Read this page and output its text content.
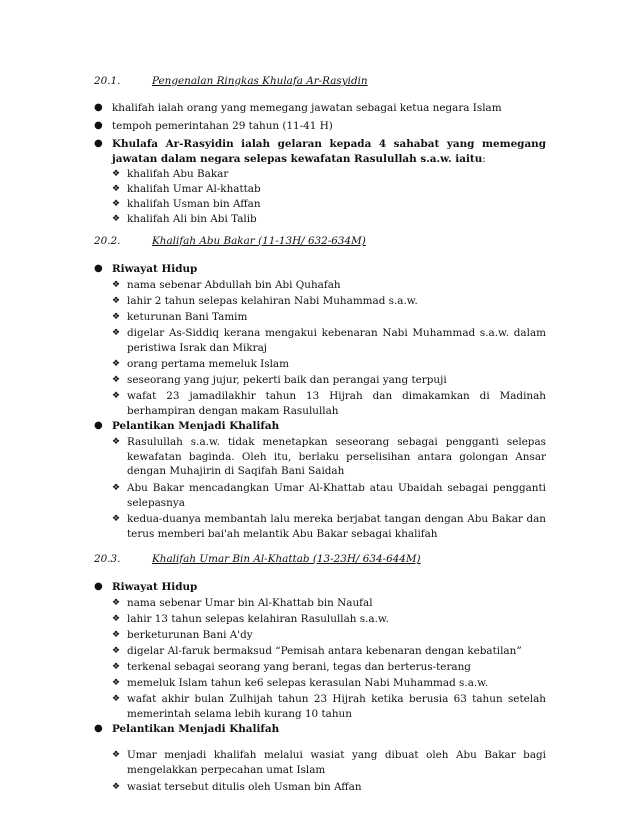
20.1.	Pengenalan Ringkas Khulafa Ar-Rasyidin
● khalifah ialah orang yang memegang jawatan sebagai ketua negara Islam
● tempoh pemerintahan 29 tahun (11-41 H)
● Khulafa Ar-Rasyidin ialah gelaran kepada 4 sahabat yang memegang jawatan dalam negara selepas kewafatan Rasulullah s.a.w. iaitu:
❖ khalifah Abu Bakar
❖ khalifah Umar Al-khattab
❖ khalifah Usman bin Affan
❖ khalifah Ali bin Abi Talib
20.2.	Khalifah Abu Bakar (11-13H/ 632-634M)
● Riwayat Hidup
❖ nama sebenar Abdullah bin Abi Quhafah
❖ lahir 2 tahun selepas kelahiran Nabi Muhammad s.a.w.
❖ keturunan Bani Tamim
❖ digelar As-Siddiq kerana mengakui kebenaran Nabi Muhammad s.a.w. dalam peristiwa Israk dan Mikraj
❖ orang pertama memeluk Islam
❖ seseorang yang jujur, pekerti baik dan perangai yang terpuji
❖ wafat 23 jamadilakhir tahun 13 Hijrah dan dimakamkan di Madinah berhampiran dengan makam Rasulullah
● Pelantikan Menjadi Khalifah
❖ Rasulullah s.a.w. tidak menetapkan seseorang sebagai pengganti selepas kewafatan baginda. Oleh itu, berlaku perselisihan antara golongan Ansar dengan Muhajirin di Saqifah Bani Saidah
❖ Abu Bakar mencadangkan Umar Al-Khattab atau Ubaidah sebagai pengganti selepasnya
❖ kedua-duanya membantah lalu mereka berjabat tangan dengan Abu Bakar dan terus memberi bai'ah melantik Abu Bakar sebagai khalifah
20.3.	Khalifah Umar Bin Al-Khattab (13-23H/ 634-644M)
● Riwayat Hidup
❖ nama sebenar Umar bin Al-Khattab bin Naufal
❖ lahir 13 tahun selepas kelahiran Rasulullah s.a.w.
❖ berketurunan Bani A'dy
❖ digelar Al-faruk bermaksud “Pemisah antara kebenaran dengan kebatilan”
❖ terkenal sebagai seorang yang berani, tegas dan berterus-terang
❖ memeluk Islam tahun ke6 selepas kerasulan Nabi Muhammad s.a.w.
❖ wafat akhir bulan Zulhijah tahun 23 Hijrah ketika berusia 63 tahun setelah memerintah selama lebih kurang 10 tahun
● Pelantikan Menjadi Khalifah
❖ Umar menjadi khalifah melalui wasiat yang dibuat oleh Abu Bakar bagi mengelakkan perpecahan umat Islam
❖ wasiat tersebut ditulis oleh Usman bin Affan
